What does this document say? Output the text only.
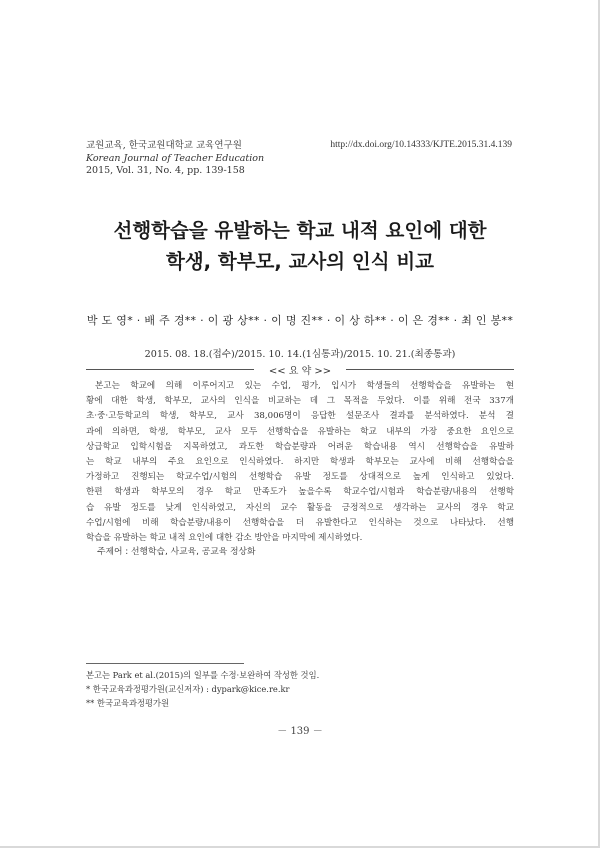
교원교육, 한국교원대학교 교육연구원
Korean Journal of Teacher Education
2015, Vol. 31, No. 4, pp. 139-158
http://dx.doi.org/10.14333/KJTE.2015.31.4.139
선행학습을 유발하는 학교 내적 요인에 대한
학생, 학부모, 교사의 인식 비교
박 도 영* · 배 주 경** · 이 광 상** · 이 명 진** · 이 상 하** · 이 은 경** · 최 인 봉**
2015. 08. 18.(접수)/2015. 10. 14.(1심통과)/2015. 10. 21.(최종통과)
<< 요 약 >>

본고는 학교에 의해 이루어지고 있는 수업, 평가, 입시가 학생들의 선행학습을 유발하는 현
황에 대한 학생, 학부모, 교사의 인식을 비교하는 데 그 목적을 두었다. 이를 위해 전국 337개
초·중·고등학교의 학생, 학부모, 교사 38,006명이 응답한 설문조사 결과를 분석하였다. 분석 결
과에 의하면, 학생, 학부모, 교사 모두 선행학습을 유발하는 학교 내부의 가장 중요한 요인으로
상급학교 입학시험을 지목하였고, 과도한 학습분량과 어려운 학습내용 역시 선행학습을 유발하
는 학교 내부의 주요 요인으로 인식하였다. 하지만 학생과 학부모는 교사에 비해 선행학습을
가정하고 진행되는 학교수업/시험의 선행학습 유발 정도를 상대적으로 높게 인식하고 있었다.
한편 학생과 학부모의 경우 학교 만족도가 높을수록 학교수업/시험과 학습분량/내용의 선행학
습 유발 정도를 낮게 인식하였고, 자신의 교수 활동을 긍정적으로 생각하는 교사의 경우 학교
수업/시험에 비해 학습분량/내용이 선행학습을 더 유발한다고 인식하는 것으로 나타났다. 선행
학습을 유발하는 학교 내적 요인에 대한 감소 방안을 마지막에 제시하였다.

주제어 : 선행학습, 사교육, 공교육 정상화
본고는 Park et al.(2015)의 일부를 수정·보완하여 작성한 것임.
* 한국교육과정평가원(교신저자) : dypark@kice.re.kr
** 한국교육과정평가원
－ 139 －
